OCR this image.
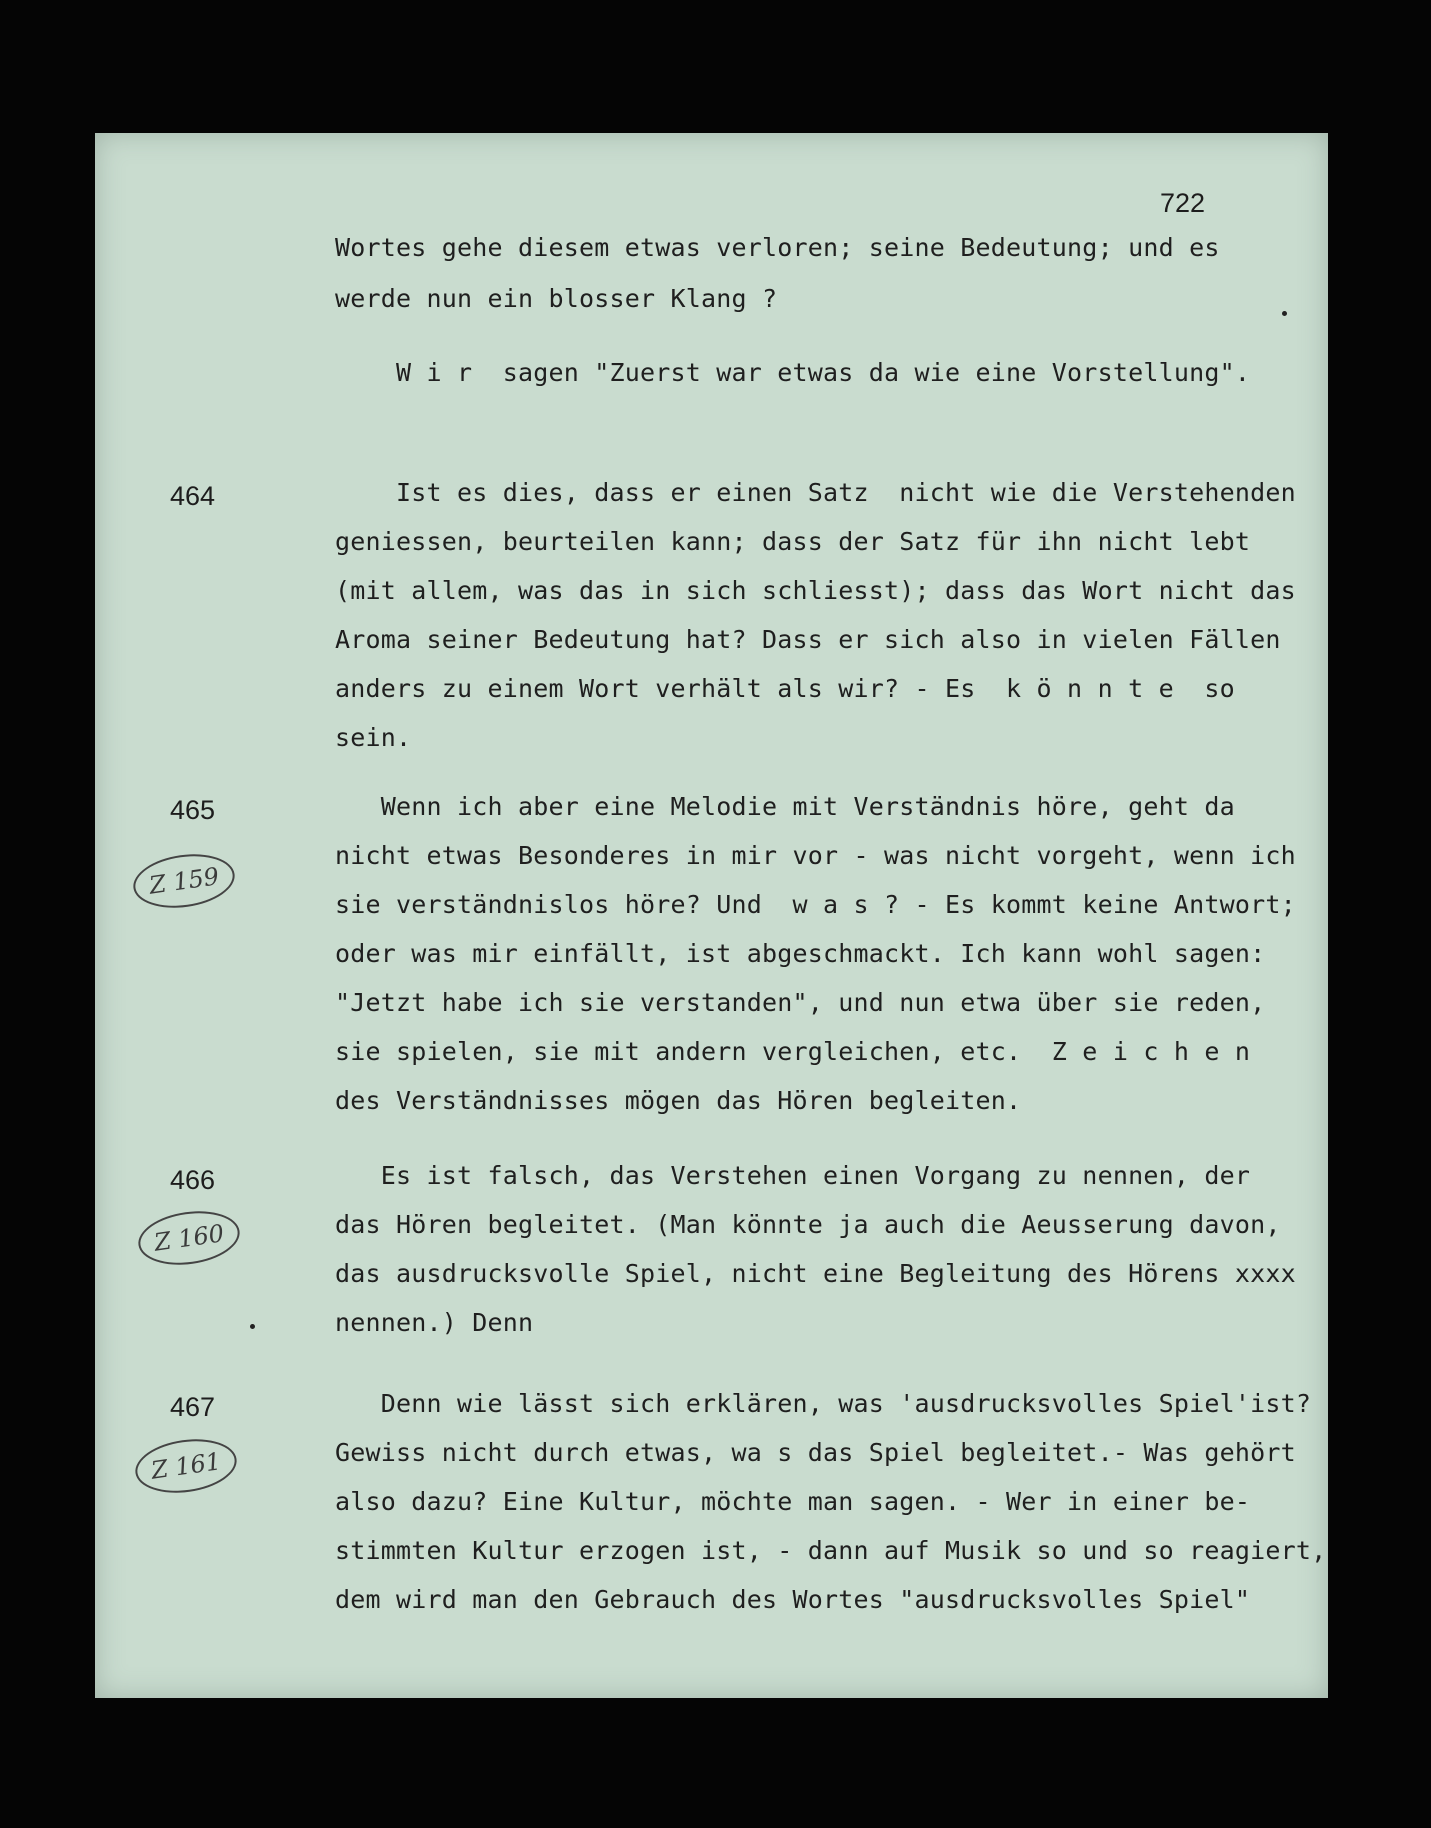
722
Wortes gehe diesem etwas verloren; seine Bedeutung; und es
werde nun ein blosser Klang ?
W i r  sagen "Zuerst war etwas da wie eine Vorstellung".
464	Ist es dies, dass er einen Satz  nicht wie die Verstehenden
geniessen, beurteilen kann; dass der Satz für ihn nicht lebt
(mit allem, was das in sich schliesst); dass das Wort nicht das
Aroma seiner Bedeutung hat? Dass er sich also in vielen Fällen
anders zu einem Wort verhält als wir? - Es  k ö n n t e  so
sein.
465
Z 159
Wenn ich aber eine Melodie mit Verständnis höre, geht da
nicht etwas Besonderes in mir vor - was nicht vorgeht, wenn ich
sie verständnislos höre? Und  w a s ? - Es kommt keine Antwort;
oder was mir einfällt, ist abgeschmackt. Ich kann wohl sagen:
"Jetzt habe ich sie verstanden", und nun etwa über sie reden,
sie spielen, sie mit andern vergleichen, etc.  Z e i c h e n
des Verständnisses mögen das Hören begleiten.
466
Z 160
Es ist falsch, das Verstehen einen Vorgang zu nennen, der
das Hören begleitet. (Man könnte ja auch die Aeusserung davon,
das ausdrucksvolle Spiel, nicht eine Begleitung des Hörens xxxx
nennen.) Denn
467
Z 161
Denn wie lässt sich erklären, was 'ausdrucksvolles Spiel'ist?
Gewiss nicht durch etwas, wa s das Spiel begleitet.- Was gehört
also dazu? Eine Kultur, möchte man sagen. - Wer in einer be-
stimmten Kultur erzogen ist, - dann auf Musik so und so reagiert,
dem wird man den Gebrauch des Wortes "ausdrucksvolles Spiel"
